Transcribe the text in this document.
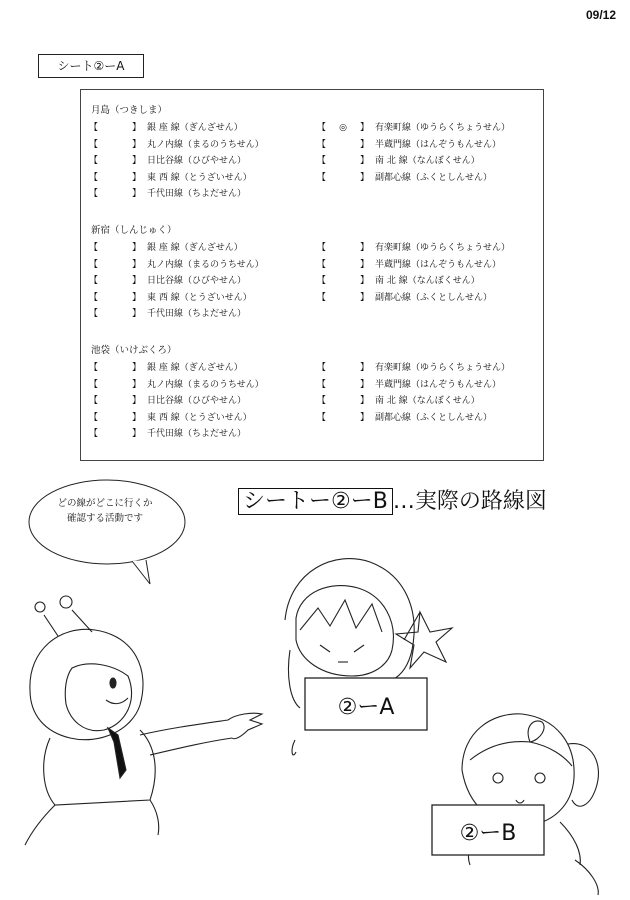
09/12
シート②ーA
月島（つきしま）
【	】 銀 座 線（ぎんざせん）
【	】 丸ノ内線（まるのうちせん）
【	】 日比谷線（ひびやせん）
【	】 東 西 線（とうざいせん）
【	】 千代田線（ちよだせん）
【 ◎ 】 有楽町線（ゆうらくちょうせん）
【	】 半蔵門線（はんぞうもんせん）
【	】 南 北 線（なんぼくせん）
【	】 副都心線（ふくとしんせん）
新宿（しんじゅく）
【	】 銀 座 線（ぎんざせん）
【	】 丸ノ内線（まるのうちせん）
【	】 日比谷線（ひびやせん）
【	】 東 西 線（とうざいせん）
【	】 千代田線（ちよだせん）
【	】 有楽町線（ゆうらくちょうせん）
【	】 半蔵門線（はんぞうもんせん）
【	】 南 北 線（なんぼくせん）
【	】 副都心線（ふくとしんせん）
池袋（いけぶくろ）
【	】 銀 座 線（ぎんざせん）
【	】 丸ノ内線（まるのうちせん）
【	】 日比谷線（ひびやせん）
【	】 東 西 線（とうざいせん）
【	】 千代田線（ちよだせん）
【	】 有楽町線（ゆうらくちょうせん）
【	】 半蔵門線（はんぞうもんせん）
【	】 南 北 線（なんぼくせん）
【	】 副都心線（ふくとしんせん）
シートー②ーB …実際の路線図
どの線がどこに行くか
確認する活動です
②ーA
②ーB
